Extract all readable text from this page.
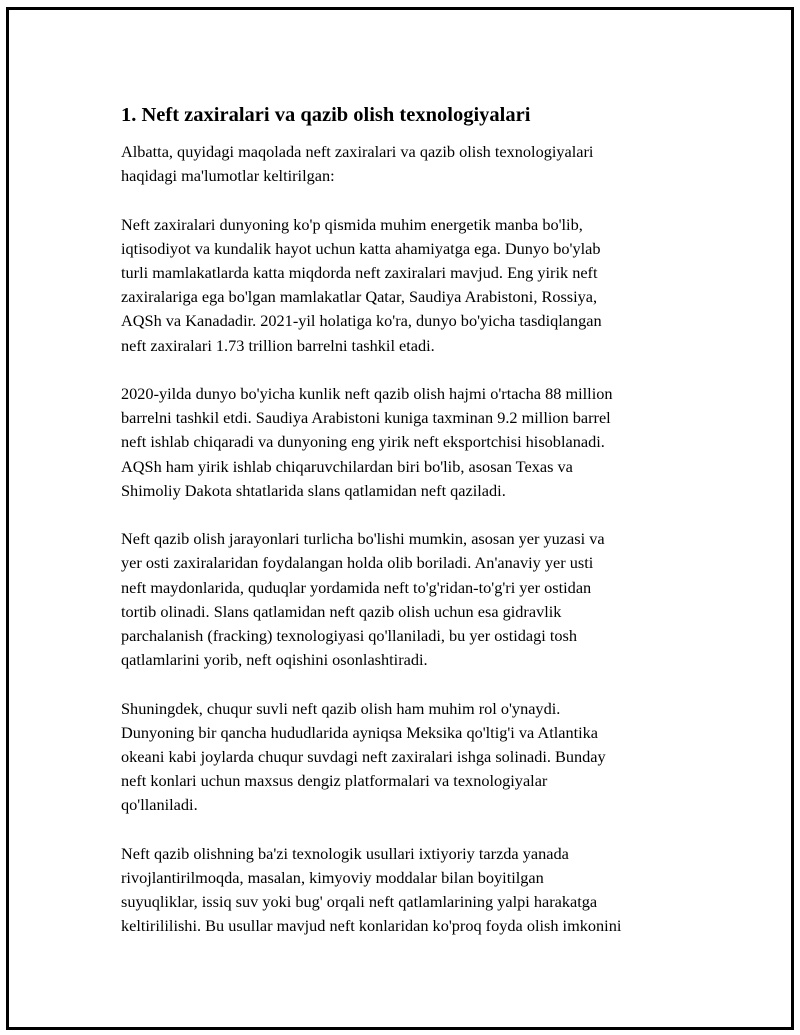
1. Neft zaxiralari va qazib olish texnologiyalari
Albatta, quyidagi maqolada neft zaxiralari va qazib olish texnologiyalari
haqidagi ma'lumotlar keltirilgan:
Neft zaxiralari dunyoning ko'p qismida muhim energetik manba bo'lib,
iqtisodiyot va kundalik hayot uchun katta ahamiyatga ega. Dunyo bo'ylab
turli mamlakatlarda katta miqdorda neft zaxiralari mavjud. Eng yirik neft
zaxiralariga ega bo'lgan mamlakatlar Qatar, Saudiya Arabistoni, Rossiya,
AQSh va Kanadadir. 2021-yil holatiga ko'ra, dunyo bo'yicha tasdiqlangan
neft zaxiralari 1.73 trillion barrelni tashkil etadi.
2020-yilda dunyo bo'yicha kunlik neft qazib olish hajmi o'rtacha 88 million
barrelni tashkil etdi. Saudiya Arabistoni kuniga taxminan 9.2 million barrel
neft ishlab chiqaradi va dunyoning eng yirik neft eksportchisi hisoblanadi.
AQSh ham yirik ishlab chiqaruvchilardan biri bo'lib, asosan Texas va
Shimoliy Dakota shtatlarida slans qatlamidan neft qaziladi.
Neft qazib olish jarayonlari turlicha bo'lishi mumkin, asosan yer yuzasi va
yer osti zaxiralaridan foydalangan holda olib boriladi. An'anaviy yer usti
neft maydonlarida, quduqlar yordamida neft to'g'ridan-to'g'ri yer ostidan
tortib olinadi. Slans qatlamidan neft qazib olish uchun esa gidravlik
parchalanish (fracking) texnologiyasi qo'llaniladi, bu yer ostidagi tosh
qatlamlarini yorib, neft oqishini osonlashtiradi.
Shuningdek, chuqur suvli neft qazib olish ham muhim rol o'ynaydi.
Dunyoning bir qancha hududlarida ayniqsa Meksika qo'ltig'i va Atlantika
okeani kabi joylarda chuqur suvdagi neft zaxiralari ishga solinadi. Bunday
neft konlari uchun maxsus dengiz platformalari va texnologiyalar
qo'llaniladi.
Neft qazib olishning ba'zi texnologik usullari ixtiyoriy tarzda yanada
rivojlantirilmoqda, masalan, kimyoviy moddalar bilan boyitilgan
suyuqliklar, issiq suv yoki bug' orqali neft qatlamlarining yalpi harakatga
keltirililishi. Bu usullar mavjud neft konlaridan ko'proq foyda olish imkonini
